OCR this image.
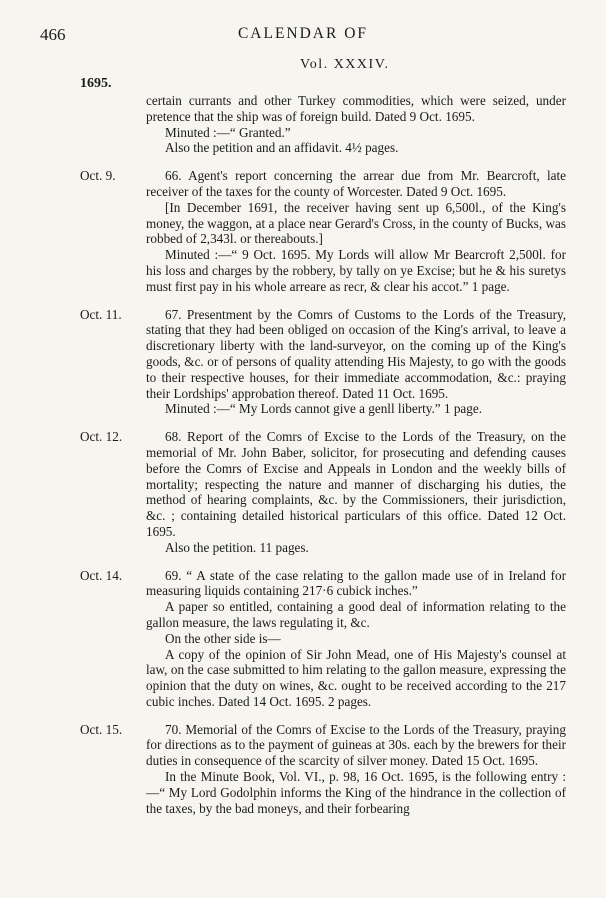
466	CALENDAR OF
Vol. XXXIV.
1695.

certain currants and other Turkey commodities, which were seized, under pretence that the ship was of foreign build. Dated 9 Oct. 1695.

Minuted :—“ Granted.”

Also the petition and an affidavit. 4½ pages.

Oct. 9.	66. Agent's report concerning the arrear due from Mr. Bearcroft, late receiver of the taxes for the county of Worcester. Dated 9 Oct. 1695.

[In December 1691, the receiver having sent up 6,500l., of the King's money, the waggon, at a place near Gerard's Cross, in the county of Bucks, was robbed of 2,343l. or thereabouts.]

Minuted :—“ 9 Oct. 1695. My Lords will allow Mr Bearcroft 2,500l. for his loss and charges by the robbery, by tally on ye Excise; but he & his suretys must first pay in his whole arreare as recr, & clear his accot.” 1 page.

Oct. 11.	67. Presentment by the Comrs of Customs to the Lords of the Treasury, stating that they had been obliged on occasion of the King's arrival, to leave a discretionary liberty with the land-surveyor, on the coming up of the King's goods, &c. or of persons of quality attending His Majesty, to go with the goods to their respective houses, for their immediate accommodation, &c.: praying their Lordships' approbation thereof. Dated 11 Oct. 1695.

Minuted :—“ My Lords cannot give a genll liberty.” 1 page.

Oct. 12.	68. Report of the Comrs of Excise to the Lords of the Treasury, on the memorial of Mr. John Baber, solicitor, for prosecuting and defending causes before the Comrs of Excise and Appeals in London and the weekly bills of mortality; respecting the nature and manner of discharging his duties, the method of hearing complaints, &c. by the Commissioners, their jurisdiction, &c. ; containing detailed historical particulars of this office. Dated 12 Oct. 1695.

Also the petition. 11 pages.

Oct. 14.	69. “ A state of the case relating to the gallon made use of in Ireland for measuring liquids containing 217·6 cubick inches.”

A paper so entitled, containing a good deal of information relating to the gallon measure, the laws regulating it, &c.

On the other side is—

A copy of the opinion of Sir John Mead, one of His Majesty's counsel at law, on the case submitted to him relating to the gallon measure, expressing the opinion that the duty on wines, &c. ought to be received according to the 217 cubic inches. Dated 14 Oct. 1695. 2 pages.

Oct. 15.	70. Memorial of the Comrs of Excise to the Lords of the Treasury, praying for directions as to the payment of guineas at 30s. each by the brewers for their duties in consequence of the scarcity of silver money. Dated 15 Oct. 1695.

In the Minute Book, Vol. VI., p. 98, 16 Oct. 1695, is the following entry :—“ My Lord Godolphin informs the King of the hindrance in the collection of the taxes, by the bad moneys, and their forbearing
